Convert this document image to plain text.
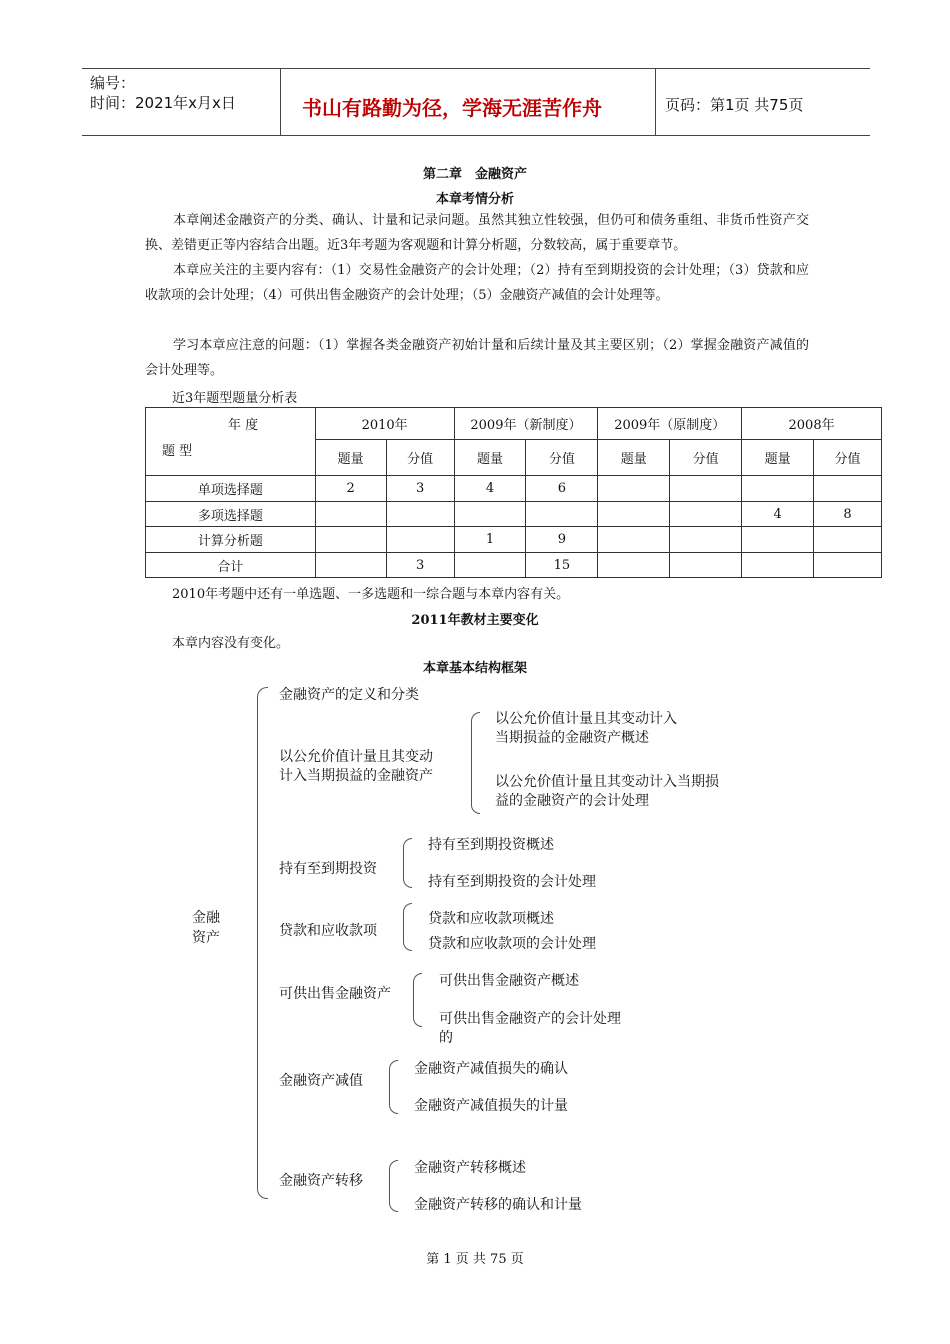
编号：
时间：2021年x月x日	书山有路勤为径，学海无涯苦作舟	页码：第1页 共75页
第二章　金融资产
本章考情分析
本章阐述金融资产的分类、确认、计量和记录问题。虽然其独立性较强，但仍可和债务重组、非货币性资产交换、差错更正等内容结合出题。近3年考题为客观题和计算分析题，分数较高，属于重要章节。
本章应关注的主要内容有：（1）交易性金融资产的会计处理；（2）持有至到期投资的会计处理；（3）贷款和应收款项的会计处理；（4）可供出售金融资产的会计处理；（5）金融资产减值的会计处理等。
学习本章应注意的问题：（1）掌握各类金融资产初始计量和后续计量及其主要区别；（2）掌握金融资产减值的会计处理等。
近3年题型题量分析表
年 度
题 型	2010年		2009年（新制度）		2009年（原制度）		2008年	
	题量	分值	题量	分值	题量	分值	题量	分值
单项选择题	2	3	4	6				
多项选择题							4	8
计算分析题			1	9				
合计		3		15				
2010年考题中还有一单选题、一多选题和一综合题与本章内容有关。
2011年教材主要变化
本章内容没有变化。
本章基本结构框架
金融
资产
金融资产的定义和分类
以公允价值计量且其变动
计入当期损益的金融资产
以公允价值计量且其变动计入
当期损益的金融资产概述
以公允价值计量且其变动计入当期损
益的金融资产的会计处理
持有至到期投资
持有至到期投资概述
持有至到期投资的会计处理
贷款和应收款项
贷款和应收款项概述
贷款和应收款项的会计处理
可供出售金融资产
可供出售金融资产概述
可供出售金融资产的会计处理
的
金融资产减值
金融资产减值损失的确认
金融资产减值损失的计量
金融资产转移
金融资产转移概述
金融资产转移的确认和计量
第 1 页 共 75 页
